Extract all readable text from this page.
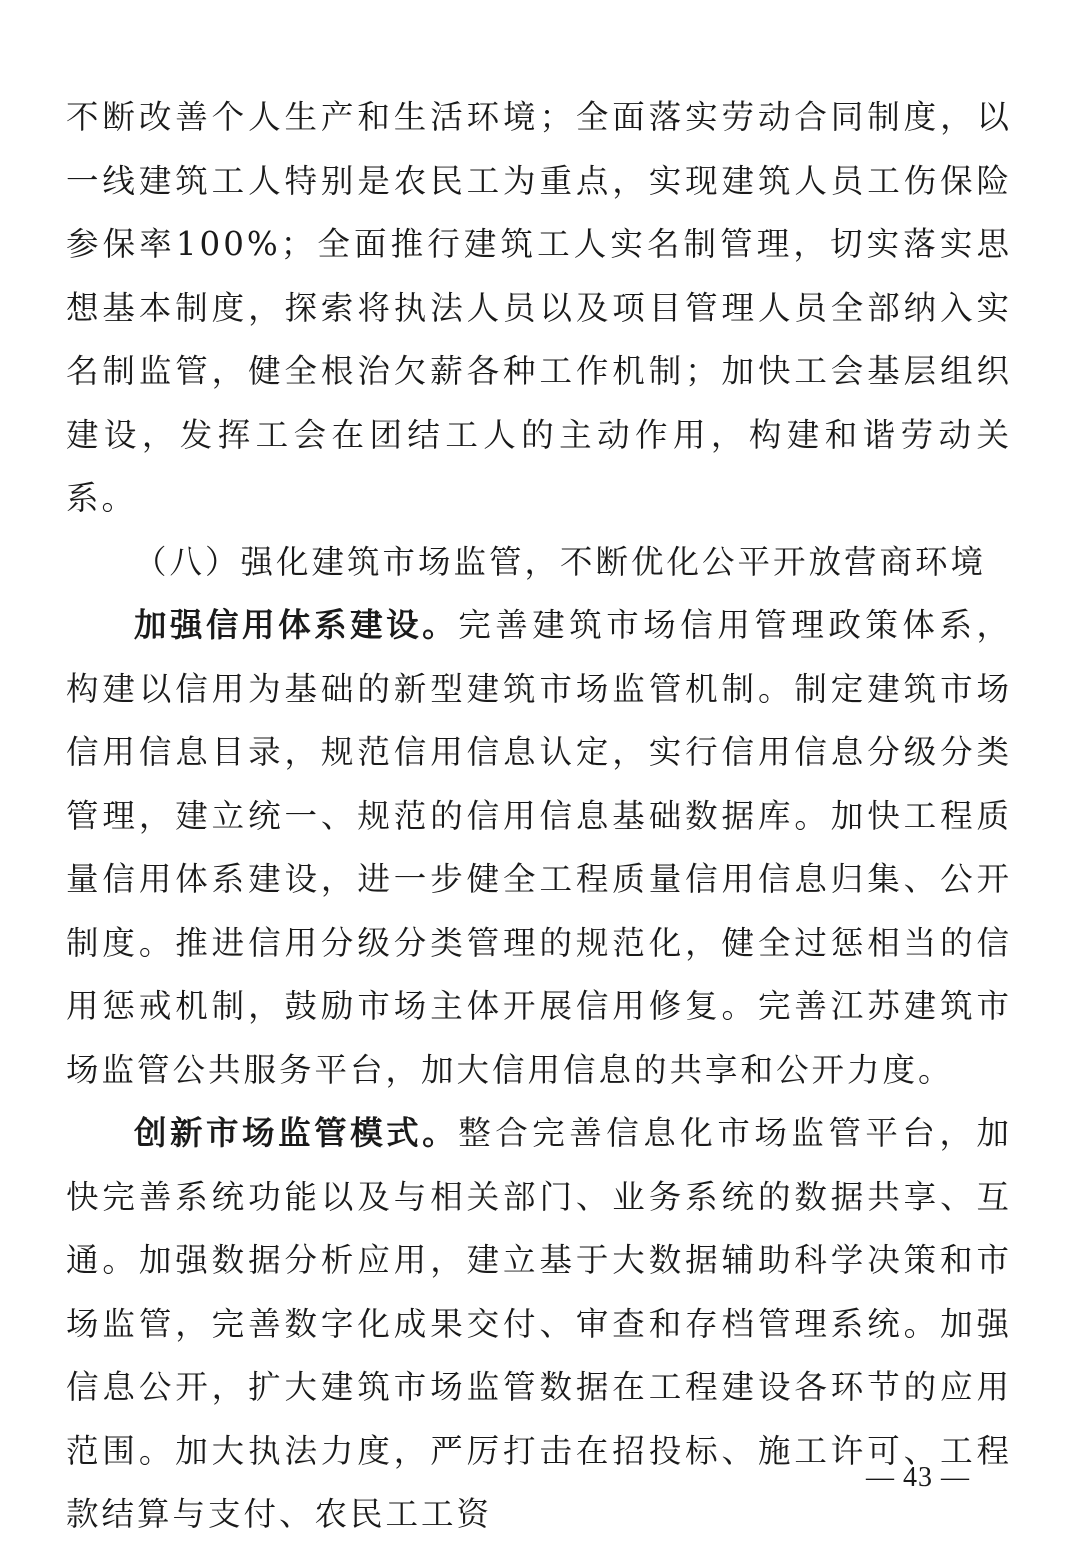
不断改善个人生产和生活环境；全面落实劳动合同制度，以一线建筑工人特别是农民工为重点，实现建筑人员工伤保险参保率100%；全面推行建筑工人实名制管理，切实落实思想基本制度，探索将执法人员以及项目管理人员全部纳入实名制监管，健全根治欠薪各种工作机制；加快工会基层组织建设，发挥工会在团结工人的主动作用，构建和谐劳动关系。

（八）强化建筑市场监管，不断优化公平开放营商环境

加强信用体系建设。完善建筑市场信用管理政策体系，构建以信用为基础的新型建筑市场监管机制。制定建筑市场信用信息目录，规范信用信息认定，实行信用信息分级分类管理，建立统一、规范的信用信息基础数据库。加快工程质量信用体系建设，进一步健全工程质量信用信息归集、公开制度。推进信用分级分类管理的规范化，健全过惩相当的信用惩戒机制，鼓励市场主体开展信用修复。完善江苏建筑市场监管公共服务平台，加大信用信息的共享和公开力度。

创新市场监管模式。整合完善信息化市场监管平台，加快完善系统功能以及与相关部门、业务系统的数据共享、互通。加强数据分析应用，建立基于大数据辅助科学决策和市场监管，完善数字化成果交付、审查和存档管理系统。加强信息公开，扩大建筑市场监管数据在工程建设各环节的应用范围。加大执法力度，严厉打击在招投标、施工许可、工程款结算与支付、农民工工资

— 43 —
